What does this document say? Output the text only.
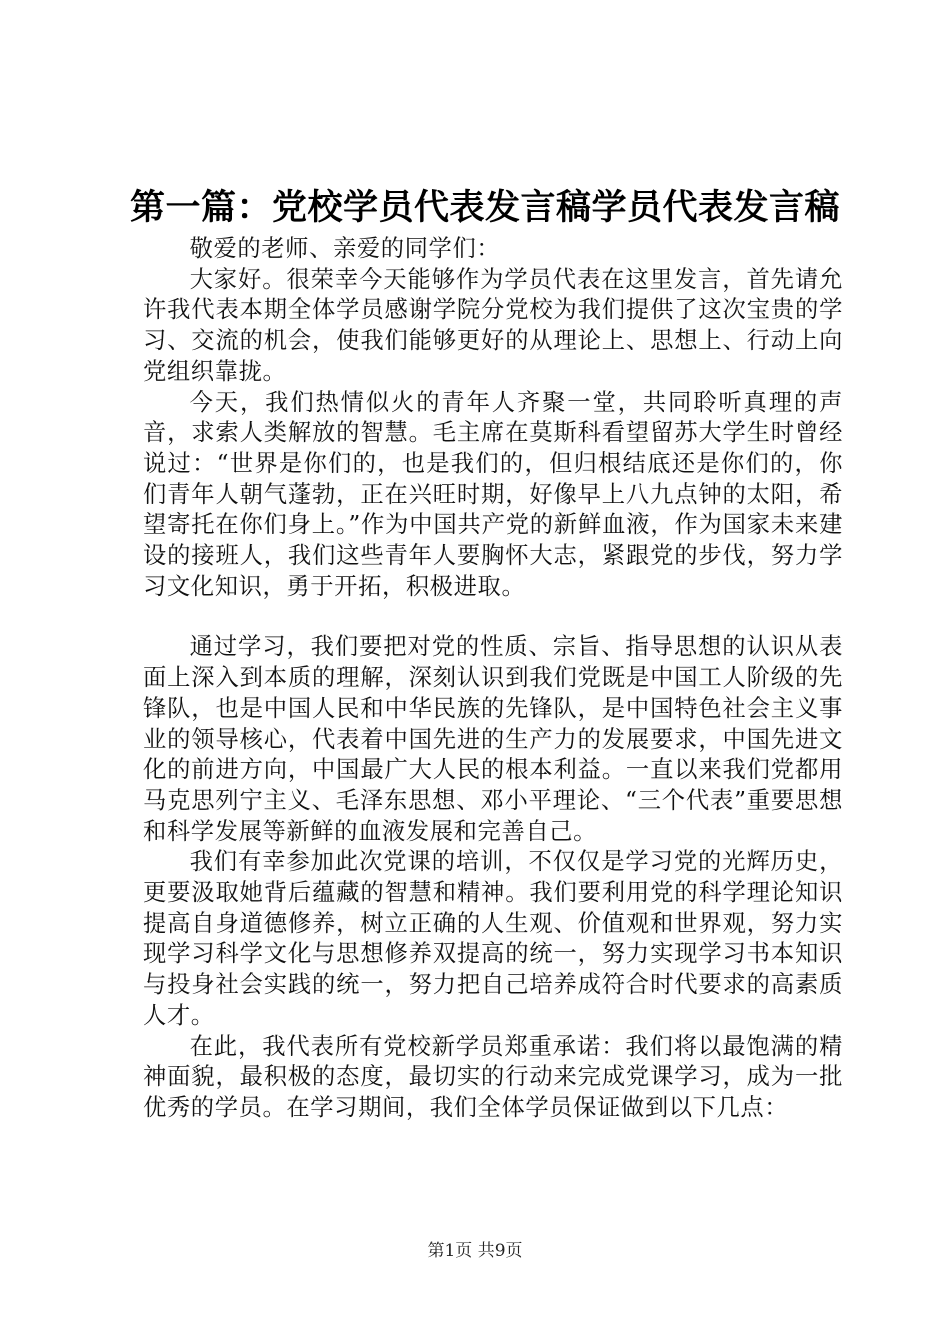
第一篇：党校学员代表发言稿学员代表发言稿

敬爱的老师、亲爱的同学们：

大家好。很荣幸今天能够作为学员代表在这里发言，首先请允许我代表本期全体学员感谢学院分党校为我们提供了这次宝贵的学习、交流的机会，使我们能够更好的从理论上、思想上、行动上向党组织靠拢。

今天，我们热情似火的青年人齐聚一堂，共同聆听真理的声音，求索人类解放的智慧。毛主席在莫斯科看望留苏大学生时曾经说过：“世界是你们的，也是我们的，但归根结底还是你们的，你们青年人朝气蓬勃，正在兴旺时期，好像早上八九点钟的太阳，希望寄托在你们身上。”作为中国共产党的新鲜血液，作为国家未来建设的接班人，我们这些青年人要胸怀大志，紧跟党的步伐，努力学习文化知识，勇于开拓，积极进取。

通过学习，我们要把对党的性质、宗旨、指导思想的认识从表面上深入到本质的理解，深刻认识到我们党既是中国工人阶级的先锋队，也是中国人民和中华民族的先锋队，是中国特色社会主义事业的领导核心，代表着中国先进的生产力的发展要求，中国先进文化的前进方向，中国最广大人民的根本利益。一直以来我们党都用马克思列宁主义、毛泽东思想、邓小平理论、“三个代表”重要思想和科学发展等新鲜的血液发展和完善自己。

我们有幸参加此次党课的培训，不仅仅是学习党的光辉历史，更要汲取她背后蕴藏的智慧和精神。我们要利用党的科学理论知识提高自身道德修养，树立正确的人生观、价值观和世界观，努力实现学习科学文化与思想修养双提高的统一，努力实现学习书本知识与投身社会实践的统一，努力把自己培养成符合时代要求的高素质人才。

在此，我代表所有党校新学员郑重承诺：我们将以最饱满的精神面貌，最积极的态度，最切实的行动来完成党课学习，成为一批优秀的学员。在学习期间，我们全体学员保证做到以下几点：

第1页 共9页
